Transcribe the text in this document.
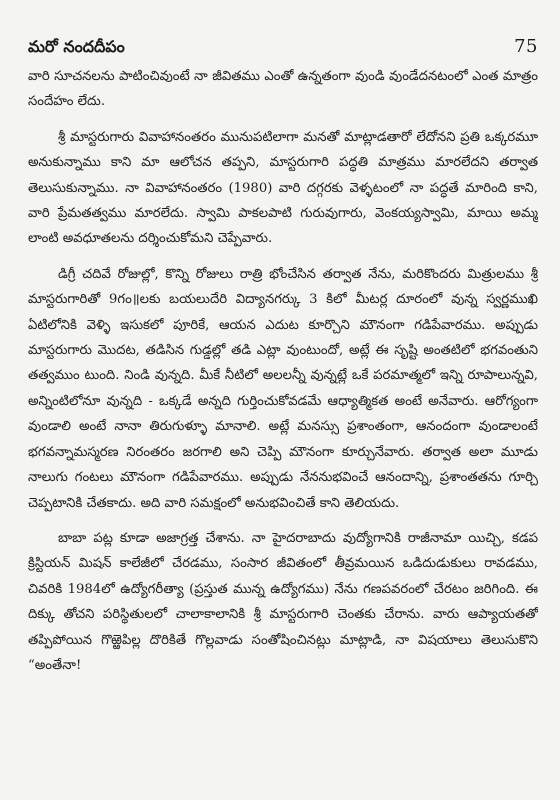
మరో నందదీపం	75

వారి సూచనలను పాటించివుంటే నా జీవితము ఎంతో ఉన్నతంగా వుండి వుండేదనటంలో ఎంత మాత్రం సందేహం లేదు.

శ్రీ మాస్టరుగారు వివాహానంతరం మునుపటిలాగా మనతో మాట్లాడతారో లేదోనని ప్రతి ఒక్కరమూ అనుకున్నాము కాని మా ఆలోచన తప్పని, మాస్టరుగారి పద్ధతి మాత్రము మారలేదని తర్వాత తెలుసుకున్నాము. నా వివాహానంతరం (1980) వారి దగ్గరకు వెళ్ళటంలో నా పద్ధతే మారింది కాని, వారి ప్రేమతత్వము మారలేదు. స్వామి పాకలపాటి గురువుగారు, వెంకయ్యస్వామి, మాయి అమ్మ లాంటి అవధూతలను దర్శించుకోమని చెప్పేవారు.

డిగ్రీ చదివే రోజుల్లో, కొన్ని రోజులు రాత్రి భోంచేసిన తర్వాత నేను, మరికొందరు మిత్రులము శ్రీ మాస్టరుగారితో 9గం॥లకు బయలుదేరి విద్యానగర్కు 3 కిలో మీటర్ల దూరంలో వున్న స్వర్ణముఖి ఏటిలోనికి వెళ్ళి ఇసుకలో పూరికే, ఆయన ఎదుట కూర్చొని మౌనంగా గడిపేవారము. అప్పుడు మాస్టరుగారు మొదట, తడిసిన గుడ్డల్లో తడి ఎట్లా వుంటుందో, అట్లే ఈ సృష్టి అంతటిలో భగవంతుని తత్వముం టుంది. నిండి వున్నది. మీకే నీటిలో అలలన్నీ వున్నట్లే ఒకే పరమాత్మలో ఇన్ని రూపాలున్నవి, అన్నింటిలోనూ వున్నది - ఒక్కడే అన్నది గుర్తించుకోవడమే ఆధ్యాత్మికత అంటే అనేవారు. ఆరోగ్యంగా వుండాలి అంటే నానా తిరుగుళ్ళూ మానాలి. అట్లే మనస్సు ప్రశాంతంగా, ఆనందంగా వుండాలంటే భగవన్నామస్మరణ నిరంతరం జరగాలి అని చెప్పి మౌనంగా కూర్చునేవారు. తర్వాత అలా మూడు నాలుగు గంటలు మౌనంగా గడిపేవారము. అప్పుడు నేననుభవించే ఆనందాన్ని, ప్రశాంతతను గూర్చి చెప్పటానికి చేతకాదు. అది వారి సమక్షంలో అనుభవించితే కాని తెలియదు.

బాబా పట్ల కూడా అజాగ్రత్త చేశాను. నా హైదరాబాదు వుద్యోగానికి రాజీనామా యిచ్చి, కడప క్రిస్టియన్ మిషన్ కాలేజీలో చేరడము, సంసార జీవితంలో తీవ్రమయిన ఒడిదుడుకులు రావడము, చివరికి 1984లో ఉద్యోగరీత్యా (ప్రస్తుత మున్న ఉద్యోగము) నేను గణపవరంలో చేరటం జరిగింది. ఈ దిక్కు తోచని పరిస్థితులలో చాలాకాలానికి శ్రీ మాస్టరుగారి చెంతకు చేరాను. వారు ఆప్యాయతతో తప్పిపోయిన గొఱ్ఱెపిల్ల దొరికితే గొల్లవాడు సంతోషించినట్లు మాట్లాడి, నా విషయాలు తెలుసుకొని “అంతేనా!
